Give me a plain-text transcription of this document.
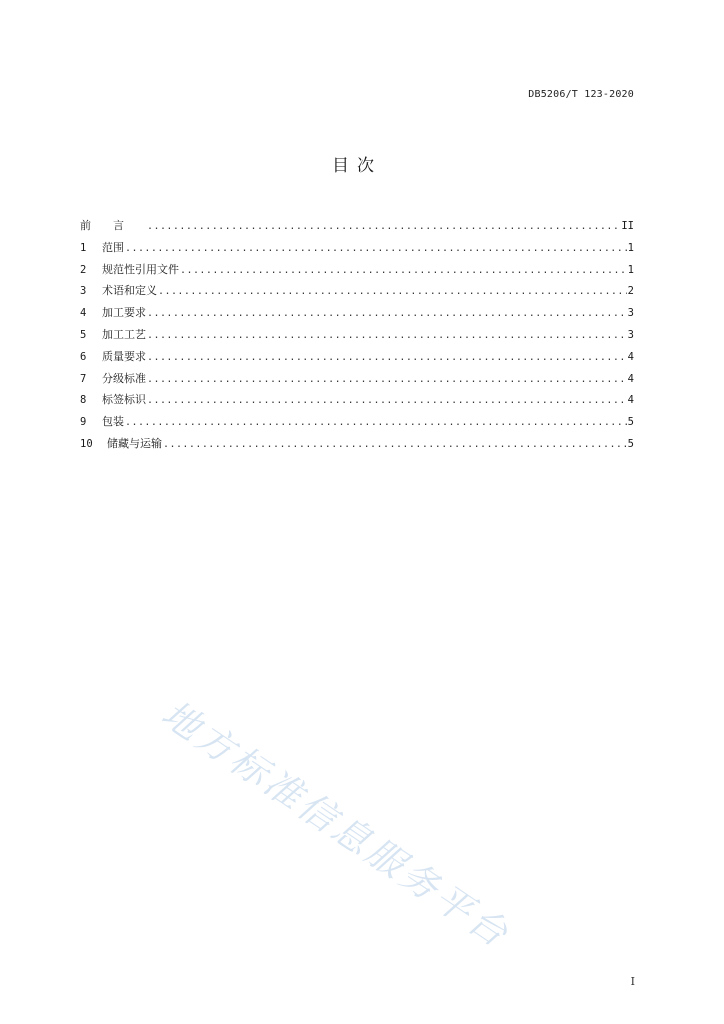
DB5206/T 123-2020
目次
前言 .....	II
1	范围 .....	1
2	规范性引用文件 .....	1
3	术语和定义 .....	2
4	加工要求 .....	3
5	加工工艺 .....	3
6	质量要求 .....	4
7	分级标准 .....	4
8	标签标识 .....	4
9	包装 .....	5
10	储藏与运输 .....	5
地方标准信息服务平台
I
